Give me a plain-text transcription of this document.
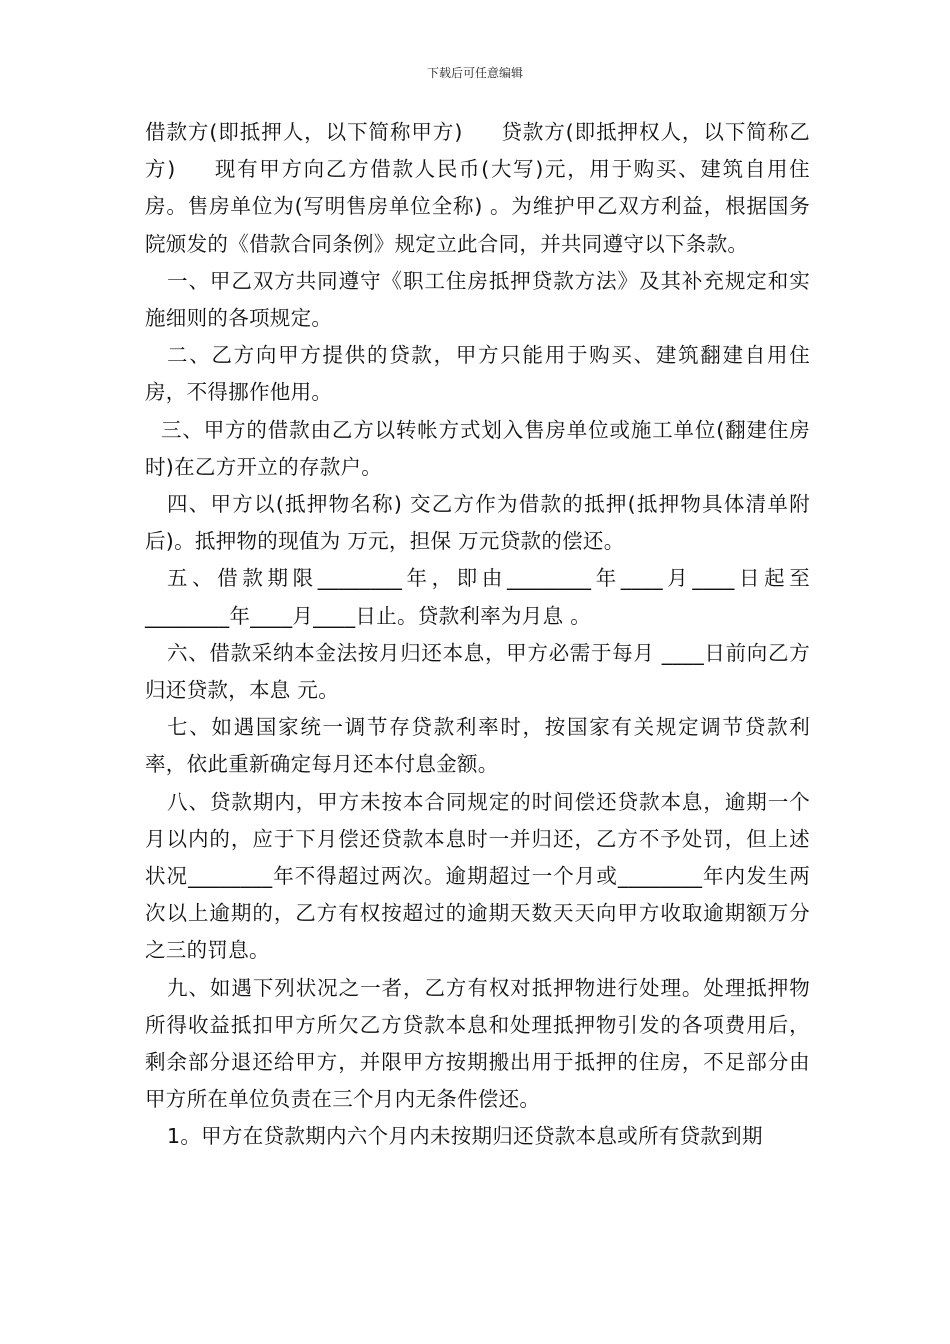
下载后可任意编辑

借款方(即抵押人，以下简称甲方) 贷款方(即抵押权人，以下简称乙方) 现有甲方向乙方借款人民币(大写)元，用于购买、建筑自用住房。售房单位为(写明售房单位全称) 。为维护甲乙双方利益，根据国务院颁发的《借款合同条例》规定立此合同，并共同遵守以下条款。

一、甲乙双方共同遵守《职工住房抵押贷款方法》及其补充规定和实施细则的各项规定。

二、乙方向甲方提供的贷款，甲方只能用于购买、建筑翻建自用住房，不得挪作他用。

三、甲方的借款由乙方以转帐方式划入售房单位或施工单位(翻建住房时)在乙方开立的存款户。

四、甲方以(抵押物名称) 交乙方作为借款的抵押(抵押物具体清单附后)。抵押物的现值为 万元，担保 万元贷款的偿还。

五、借款期限________年，即由________年____月____日起至________年____月____日止。贷款利率为月息 。

六、借款采纳本金法按月归还本息，甲方必需于每月 ____日前向乙方归还贷款，本息 元。

七、如遇国家统一调节存贷款利率时，按国家有关规定调节贷款利率，依此重新确定每月还本付息金额。

八、贷款期内，甲方未按本合同规定的时间偿还贷款本息，逾期一个月以内的，应于下月偿还贷款本息时一并归还，乙方不予处罚，但上述状况________年不得超过两次。逾期超过一个月或________年内发生两次以上逾期的，乙方有权按超过的逾期天数天天向甲方收取逾期额万分之三的罚息。

九、如遇下列状况之一者，乙方有权对抵押物进行处理。处理抵押物所得收益抵扣甲方所欠乙方贷款本息和处理抵押物引发的各项费用后，剩余部分退还给甲方，并限甲方按期搬出用于抵押的住房，不足部分由甲方所在单位负责在三个月内无条件偿还。

1。甲方在贷款期内六个月内未按期归还贷款本息或所有贷款到期
